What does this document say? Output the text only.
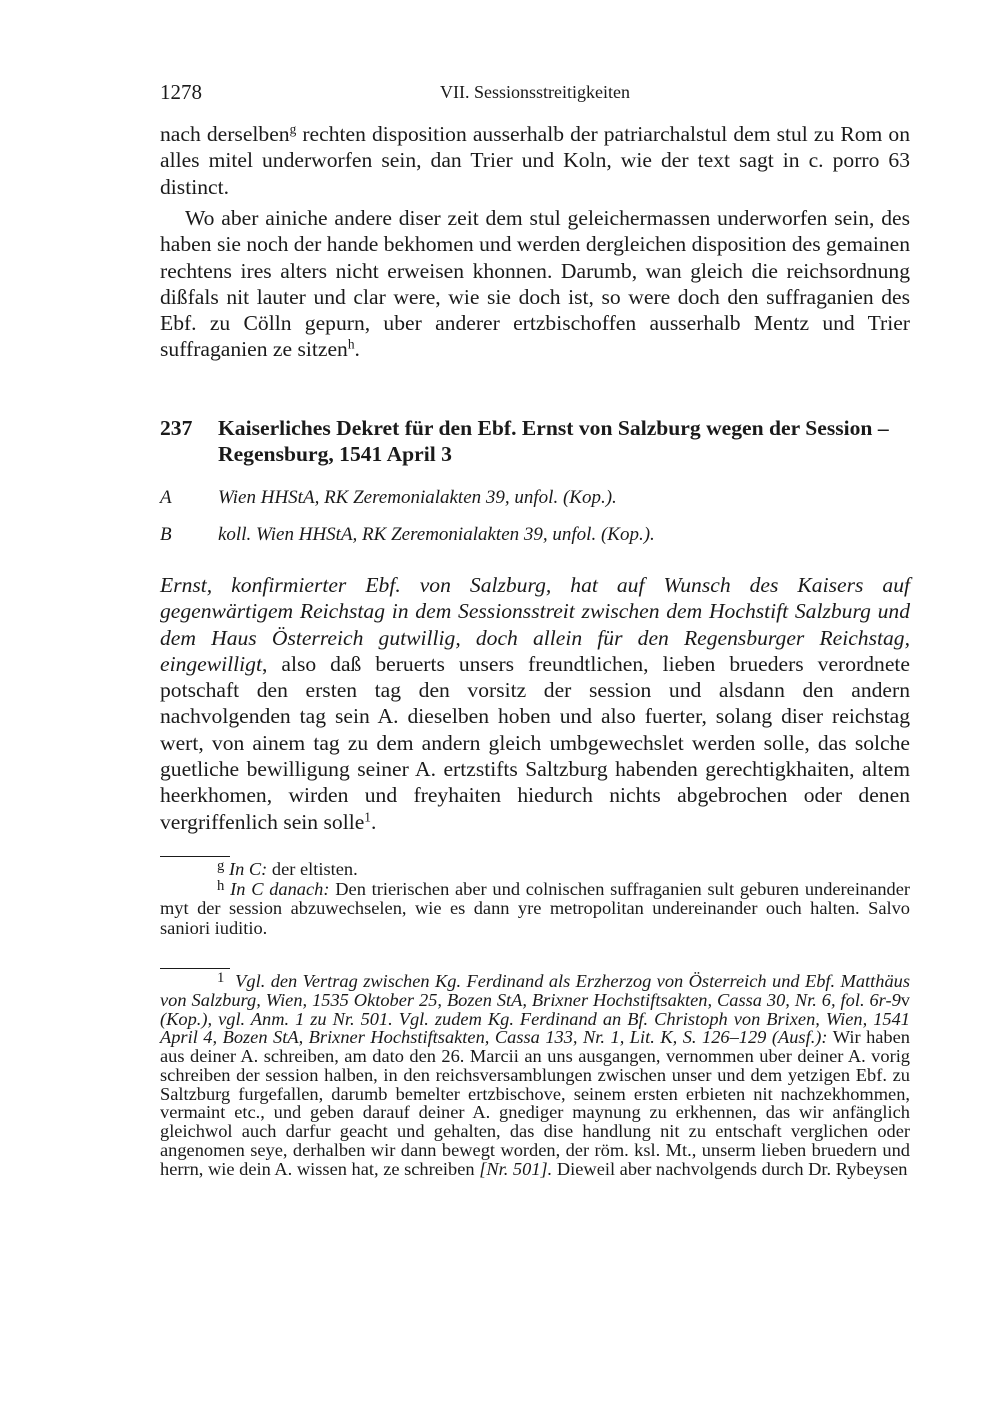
1278	VII. Sessionsstreitigkeiten

nach derselben$^g$ rechten disposition ausserhalb der patriarchalstul dem stul zu Rom on alles mitel underworfen sein, dan Trier und Koln, wie der text sagt in c. porro 63 distinct.

Wo aber ainiche andere diser zeit dem stul geleichermassen underworfen sein, des haben sie noch der hande bekhomen und werden dergleichen disposition des gemainen rechtens ires alters nicht erweisen khonnen. Darumb, wan gleich die reichsordnung dißfals nit lauter und clar were, wie sie doch ist, so were doch den suffraganien des Ebf. zu Cölln gepurn, uber anderer ertzbischoffen ausserhalb Mentz und Trier suffraganien ze sitzen$^h$.

237 Kaiserliches Dekret für den Ebf. Ernst von Salzburg wegen der Session – Regensburg, 1541 April 3
A Wien HHStA, RK Zeremonialakten 39, unfol. (Kop.).
B koll. Wien HHStA, RK Zeremonialakten 39, unfol. (Kop.).

Ernst, konfirmierter Ebf. von Salzburg, hat auf Wunsch des Kaisers auf gegenwärtigem Reichstag in dem Sessionsstreit zwischen dem Hochstift Salzburg und dem Haus Österreich gutwillig, doch allein für den Regensburger Reichstag, eingewilligt, also daß beruerts unsers freundtlichen, lieben brueders verordnete potschaft den ersten tag den vorsitz der session und alsdann den andern nachvolgenden tag sein A. dieselben hoben und also fuerter, solang diser reichstag wert, von ainem tag zu dem andern gleich umbgewechslet werden solle, das solche guetliche bewilligung seiner A. ertzstifts Saltzburg habenden gerechtigkhaiten, altem heerkhomen, wirden und freyhaiten hiedurch nichts abgebrochen oder denen vergriffenlich sein solle$^1$.

$^g$ In C: der eltisten.

$^h$ In C danach: Den trierischen aber und colnischen suffraganien sult geburen undereinander myt der session abzuwechselen, wie es dann yre metropolitan undereinander ouch halten. Salvo saniori iuditio.

$^1$ Vgl. den Vertrag zwischen Kg. Ferdinand als Erzherzog von Österreich und Ebf. Matthäus von Salzburg, Wien, 1535 Oktober 25, Bozen StA, Brixner Hochstiftsakten, Cassa 30, Nr. 6, fol. 6r-9v (Kop.), vgl. Anm. 1 zu Nr. 501. Vgl. zudem Kg. Ferdinand an Bf. Christoph von Brixen, Wien, 1541 April 4, Bozen StA, Brixner Hochstiftsakten, Cassa 133, Nr. 1, Lit. K, S. 126–129 (Ausf.): Wir haben aus deiner A. schreiben, am dato den 26. Marcii an uns ausgangen, vernommen uber deiner A. vorig schreiben der session halben, in den reichsversamblungen zwischen unser und dem yetzigen Ebf. zu Saltzburg furgefallen, darumb bemelter ertzbischove, seinem ersten erbieten nit nachzekhommen, vermaint etc., und geben darauf deiner A. gnediger maynung zu erkhennen, das wir anfänglich gleichwol auch darfur geacht und gehalten, das dise handlung nit zu entschaft verglichen oder angenomen seye, derhalben wir dann bewegt worden, der röm. ksl. Mt., unserm lieben bruedern und herrn, wie dein A. wissen hat, ze schreiben [Nr. 501]. Dieweil aber nachvolgends durch Dr. Rybeysen
